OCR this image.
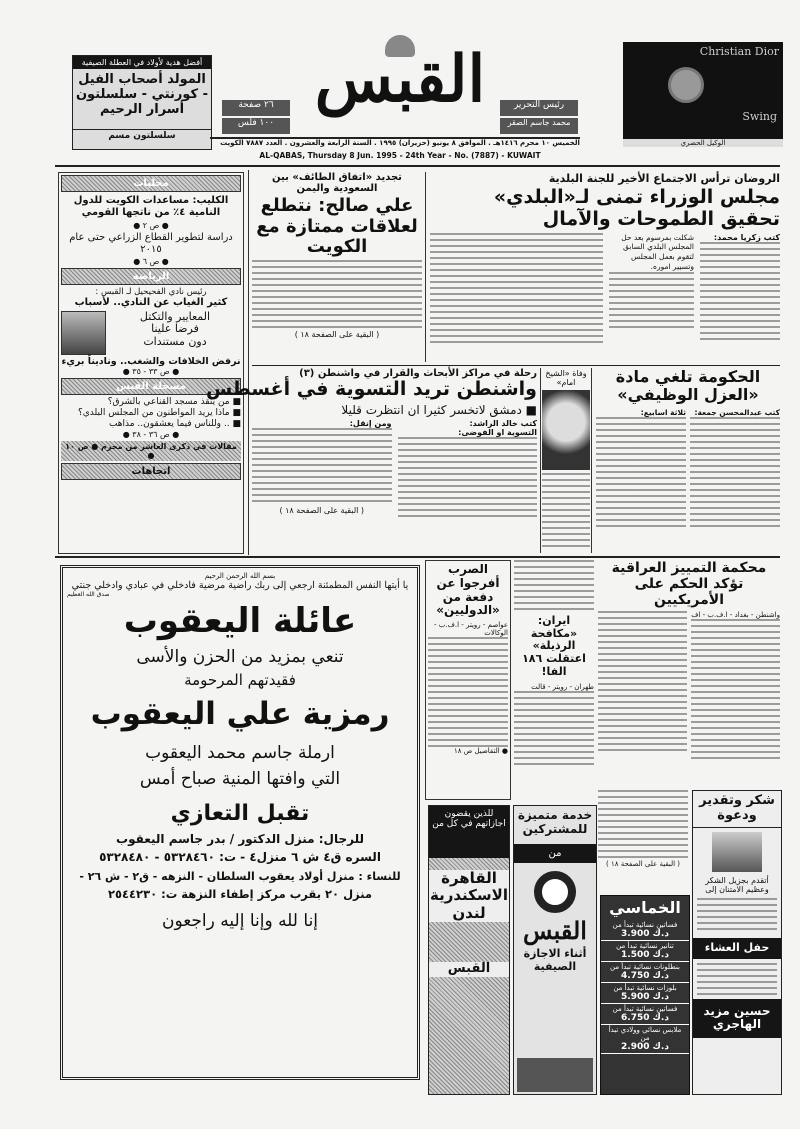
أفضل هدية لأولاد في العطلة الصيفية
المولد أصحاب الفيل - كورنتي - سلسلتون أسرار الرحيم
سلسلتون مسم
٢٦ صفحة
١٠٠ فلس
القبس	رئيس التحرير
محمد جاسم الصقر
Christian Dior
Swing
الوكيل الحصري
الخميس ١٠ محرم ١٤١٦هـ . الموافق ٨ يونيو (حزيران) ١٩٩٥ . السنة الرابعة والعشرون . العدد ٧٨٨٧ الكويت
AL-QABAS, Thursday 8 Jun. 1995 - 24th Year - No. (7887) - KUWAIT
محليات
الكليب: مساعدات الكويت للدول النامية ٤٪ من ناتجها القومي
● ص ٢ ●
دراسة لتطوير القطاع الزراعي حتى عام ٢٠١٥
● ص ٦ ●
الرياضة
رئيس نادي الفحيحيل لـ القبس :
كثير الغياب عن النادي.. لأسباب
المعايير والتكتل
فرضا علينا
دون مستندات
نرفض الخلافات والشغب.. وناديناً بريء
● ص ٣٣ - ٣٥ ●
مسجلة القبس
■ من ينقذ مسجد القناعي بالشرق؟
■ ماذا يريد المواطنون من المجلس البلدي؟
■ .. وللناس فيما يعشقون.. مذاهب
● ص ٣٦ - ٣٨ ●
مقالات في ذكرى العاشر من محرم ● ص ١٠ ●
اتجاهات
تجديد «اتفاق الطائف» بين السعودية واليمن
علي صالح: نتطلع لعلاقات ممتازة مع الكويت
( البقية على الصفحة ١٨ )
الروضان ترأس الاجتماع الأخير للجنة البلدية
مجلس الوزراء تمنى لـ«البلدي» تحقيق الطموحات والآمال
كتب زكريا محمد:
شكلت بمرسوم بعد حل المجلس البلدي السابق لتقوم بعمل المجلس وتسيير اموره.
رحلة في مراكز الأبحاث والقرار في واشنطن (٣)
واشنطن تريد التسوية في أغسطس
■ دمشق لاتخسر كثيرا ان انتظرت قليلا
كتب خالد الراشد:
التسوية او الفوضى:
ومن إنقل:
( البقية على الصفحة ١٨ )
وفاة «الشيخ امام»	الحكومة تلغي مادة «العزل الوظيفي»
كتب عبدالمحسن جمعة:
ثلاثة اسابيع:
بسم الله الرحمن الرحيم
يا أيتها النفس المطمئنة ارجعي إلى ربك راضية مرضية فادخلي في عبادي وادخلي جنتي
صدق الله العظيم
عائلة اليعقوب
تنعي بمزيد من الحزن والأسى
فقيدتهم المرحومة
رمزية علي اليعقوب
ارملة جاسم محمد اليعقوب
التي وافتها المنية صباح أمس
تقبل التعازي
للرجال: منزل الدكتور / بدر جاسم اليعقوب
السره ق٤ ش ٦ منزل٤ - ت: ٥٣٢٨٤٦٠ - ٥٣٢٨٤٨٠
للنساء : منزل أولاد يعقوب السلطان - النزهه - ق٢ - ش ٢٦ -
منزل ٢٠ بقرب مركز إطفاء النزهة ت: ٢٥٤٤٢٣٠
إنا لله وإنا إليه راجعون
الصرب أفرجوا عن دفعة من «الدوليين»
عواصم - رويتر - ا.ف.ب - الوكالات
● التفاصيل ص ١٨
ايران: «مكافحة الرذيلة» اعتقلت ١٨٦ الفا!
طهران - رويتر - قالت
محكمة التمييز العراقية تؤكد الحكم على الأمريكيين
واشنطن - بغداد - ا.ف.ب - اف
( البقية على الصفحة ١٨ )
للذين يقضون اجازاتهم في كل من
القاهرة الاسكندرية لندن
القبس
خدمة متميزة للمشتركين
من
القبس
أثناء الاجازة الصيفية
الخماسي
فساتين نسائية تبدأ من
3.900 د.ك
تنانير نسائية تبدأ من
1.500 د.ك
بنطلونات نسائية تبدأ من
4.750 د.ك
بلوزات نسائية تبدأ من
5.900 د.ك
فساتين نسائية تبدأ من
6.750 د.ك
ملابس نسائي وولادي تبدأ من
2.900 د.ك
شكر وتقدير ودعوة
أتقدم بجزيل الشكر وعظيم الامتنان إلى
حفل العشاء
حسين مزيد الهاجري
